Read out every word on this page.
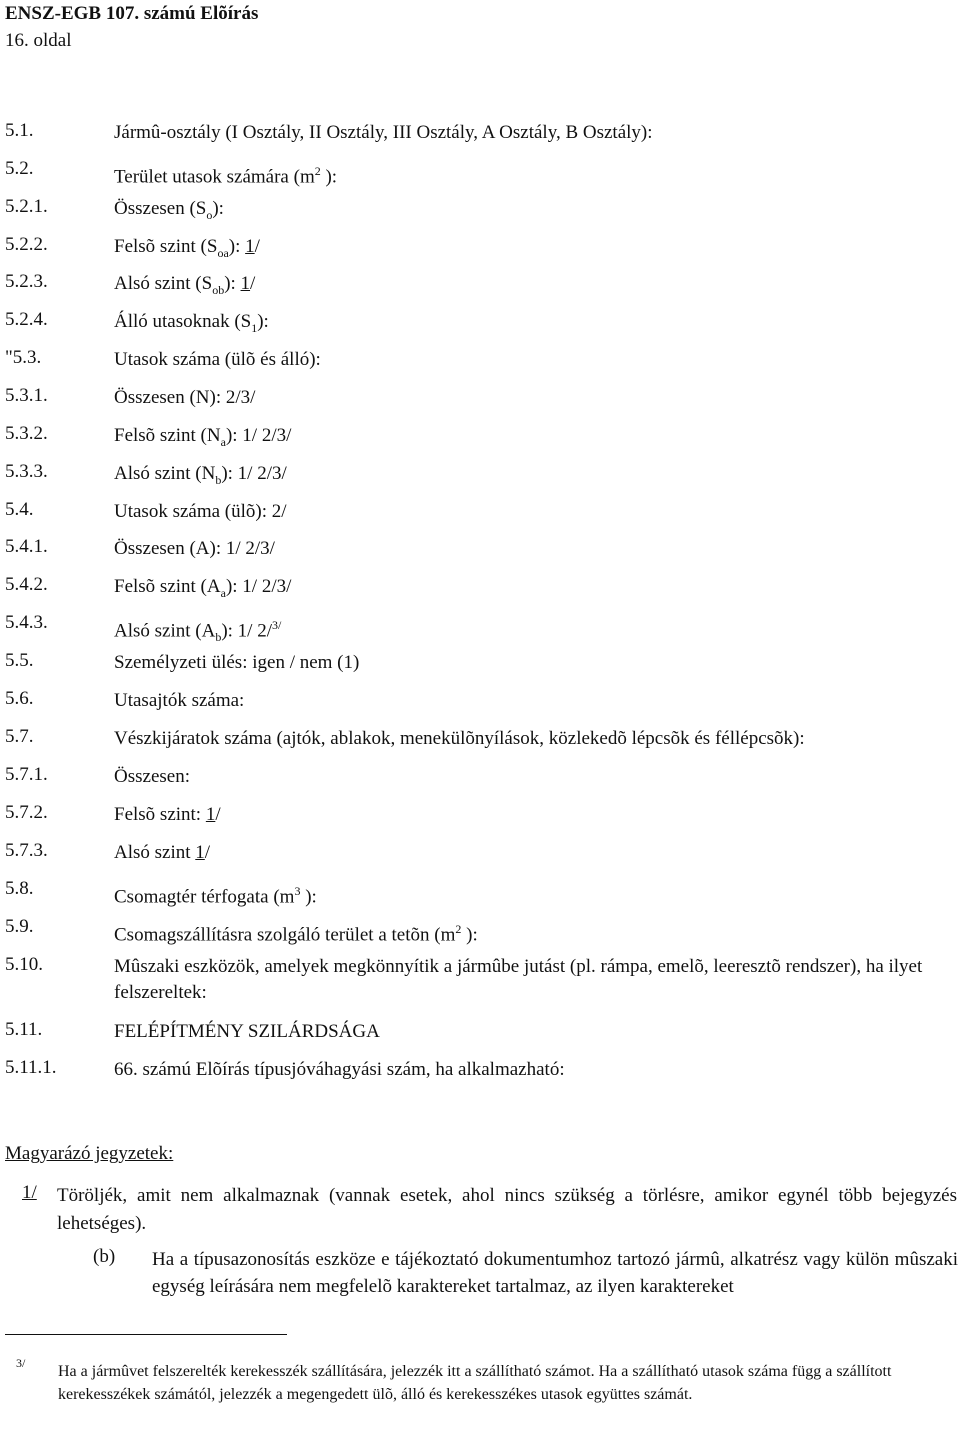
ENSZ-EGB 107. számú Elõírás
16. oldal
5.1.	Jármû-osztály (I Osztály, II Osztály, III Osztály, A Osztály, B Osztály):
5.2.	Terület utasok számára ($m^2$ ):
5.2.1.	Összesen $(S_o)$:
5.2.2.	Felsõ szint $(S_{oa})$: 1/
5.2.3.	Alsó szint $(S_{ob})$: 1/
5.2.4.	Álló utasoknak $(S_1)$:
"5.3.	Utasok száma (ülõ és álló):
5.3.1.	Összesen (N): 2/3/
5.3.2.	Felsõ szint $(N_a)$: 1/ 2/3/
5.3.3.	Alsó szint $(N_b)$: 1/ 2/3/
5.4.	Utasok száma (ülõ): 2/
5.4.1.	Összesen (A): 1/ 2/3/
5.4.2.	Felsõ szint $(A_a)$: 1/ 2/3/
5.4.3.	Alsó szint $(A_b)$: 1/ 2/$^{3/}$
5.5.	Személyzeti ülés: igen / nem (1)
5.6.	Utasajtók száma:
5.7.	Vészkijáratok száma (ajtók, ablakok, menekülõnyílások, közlekedõ lépcsõk és féllépcsõk):
5.7.1.	Összesen:
5.7.2.	Felsõ szint: 1/
5.7.3.	Alsó szint 1/
5.8.	Csomagtér térfogata ($m^3$ ):
5.9.	Csomagszállításra szolgáló terület a tetõn ($m^2$ ):
5.10.	Mûszaki eszközök, amelyek megkönnyítik a jármûbe jutást (pl. rámpa, emelõ, leeresztõ rendszer), ha ilyet felszereltek:
5.11.	FELÉPÍTMÉNY SZILÁRDSÁGA
5.11.1.	66. számú Elõírás típusjóváhagyási szám, ha alkalmazható:
Magyarázó jegyzetek:
1/ Töröljék, amit nem alkalmaznak (vannak esetek, ahol nincs szükség a törlésre, amikor egynél több bejegyzés lehetséges).
(b) Ha a típusazonosítás eszköze e tájékoztató dokumentumhoz tartozó jármû, alkatrész vagy külön mûszaki egység leírására nem megfelelõ karaktereket tartalmaz, az ilyen karaktereket
3/ Ha a jármûvet felszerelték kerekesszék szállítására, jelezzék itt a szállítható számot. Ha a szállítható utasok száma függ a szállított kerekesszékek számától, jelezzék a megengedett ülõ, álló és kerekesszékes utasok együttes számát.
